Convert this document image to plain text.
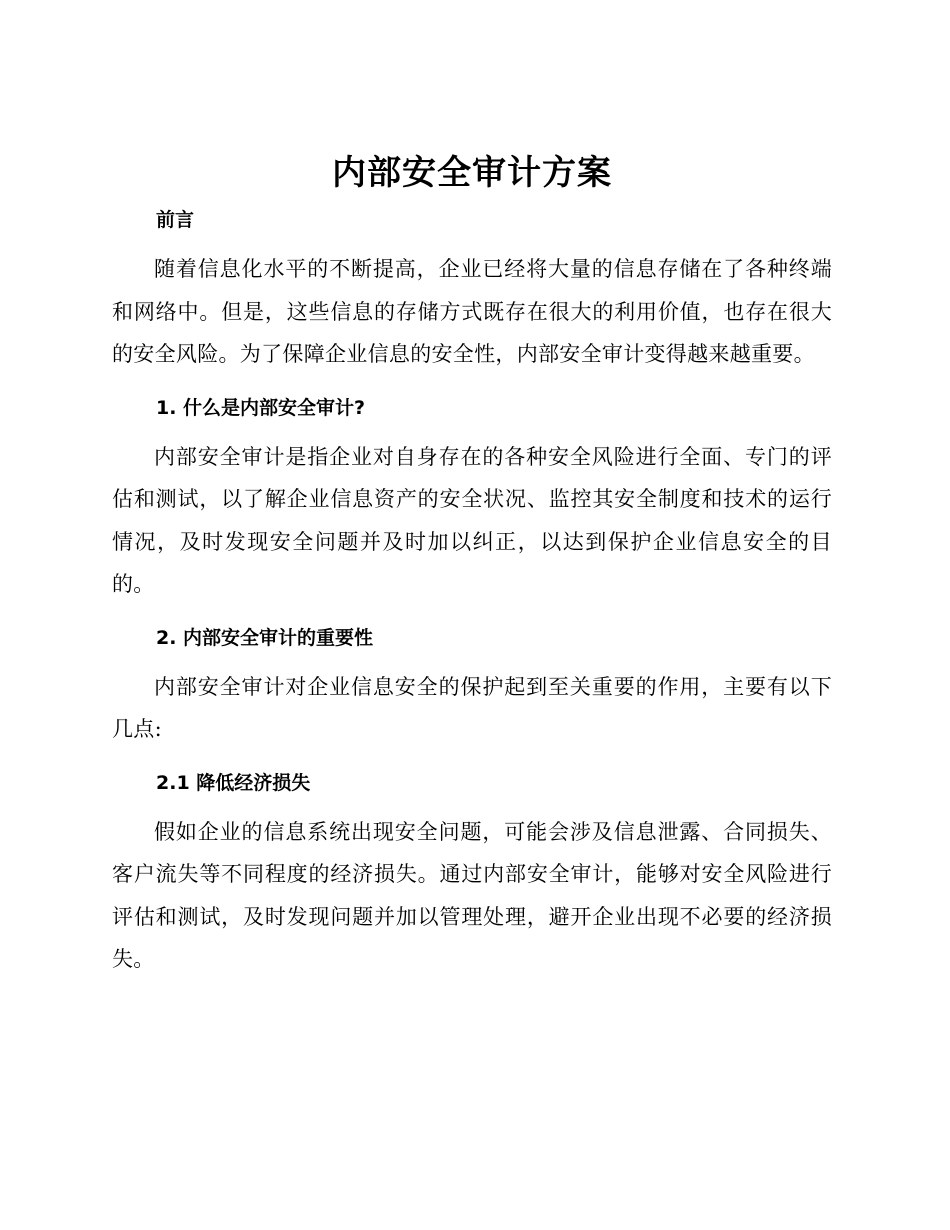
内部安全审计方案
前言

随着信息化水平的不断提高，企业已经将大量的信息存储在了各种终端和网络中。但是，这些信息的存储方式既存在很大的利用价值，也存在很大的安全风险。为了保障企业信息的安全性，内部安全审计变得越来越重要。

1. 什么是内部安全审计?

内部安全审计是指企业对自身存在的各种安全风险进行全面、专门的评估和测试，以了解企业信息资产的安全状况、监控其安全制度和技术的运行情况，及时发现安全问题并及时加以纠正，以达到保护企业信息安全的目的。

2. 内部安全审计的重要性

内部安全审计对企业信息安全的保护起到至关重要的作用，主要有以下几点:

2.1 降低经济损失

假如企业的信息系统出现安全问题，可能会涉及信息泄露、合同损失、客户流失等不同程度的经济损失。通过内部安全审计，能够对安全风险进行评估和测试，及时发现问题并加以管理处理，避开企业出现不必要的经济损失。
